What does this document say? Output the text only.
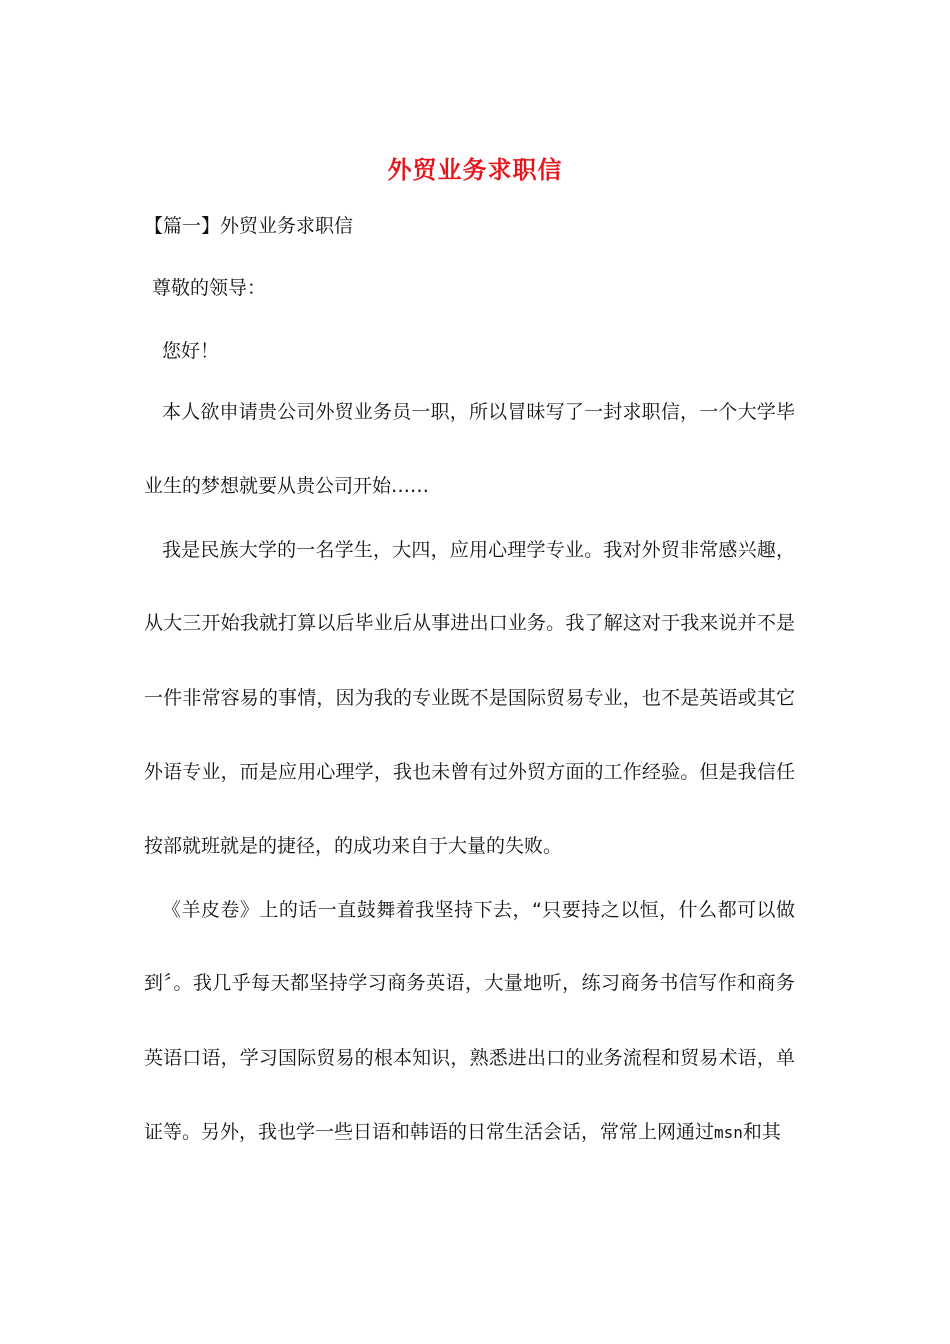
外贸业务求职信
【篇一】外贸业务求职信
尊敬的领导：
您好！
本人欲申请贵公司外贸业务员一职，所以冒昧写了一封求职信，一个大学毕
业生的梦想就要从贵公司开始……
我是民族大学的一名学生，大四，应用心理学专业。我对外贸非常感兴趣，
从大三开始我就打算以后毕业后从事进出口业务。我了解这对于我来说并不是
一件非常容易的事情，因为我的专业既不是国际贸易专业，也不是英语或其它
外语专业，而是应用心理学，我也未曾有过外贸方面的工作经验。但是我信任
按部就班就是的捷径，的成功来自于大量的失败。
《羊皮卷》上的话一直鼓舞着我坚持下去，“只要持之以恒，什么都可以做
到〞。我几乎每天都坚持学习商务英语，大量地听，练习商务书信写作和商务
英语口语，学习国际贸易的根本知识，熟悉进出口的业务流程和贸易术语，单
证等。另外，我也学一些日语和韩语的日常生活会话，常常上网通过msn和其
